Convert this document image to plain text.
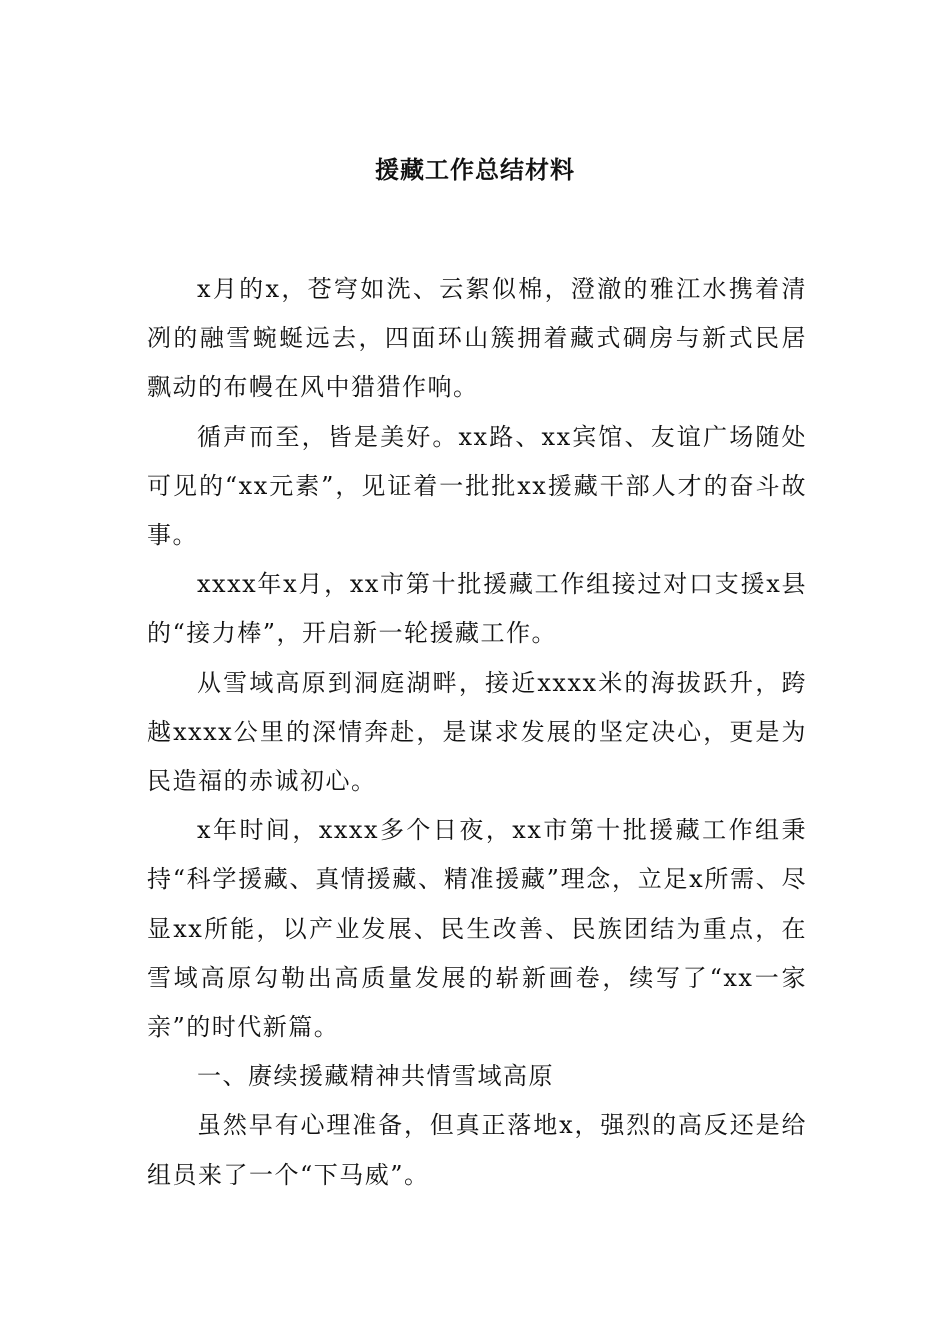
援藏工作总结材料

x月的x，苍穹如洗、云絮似棉，澄澈的雅江水携着清冽的融雪蜿蜒远去，四面环山簇拥着藏式碉房与新式民居飘动的布幔在风中猎猎作响。

循声而至，皆是美好。xx路、xx宾馆、友谊广场随处可见的“xx元素”，见证着一批批xx援藏干部人才的奋斗故事。

xxxx年x月，xx市第十批援藏工作组接过对口支援x县的“接力棒”，开启新一轮援藏工作。

从雪域高原到洞庭湖畔，接近xxxx米的海拔跃升，跨越xxxx公里的深情奔赴，是谋求发展的坚定决心，更是为民造福的赤诚初心。

x年时间，xxxx多个日夜，xx市第十批援藏工作组秉持“科学援藏、真情援藏、精准援藏”理念，立足x所需、尽显xx所能，以产业发展、民生改善、民族团结为重点，在雪域高原勾勒出高质量发展的崭新画卷，续写了“xx一家亲”的时代新篇。

一、赓续援藏精神共情雪域高原

虽然早有心理准备，但真正落地x，强烈的高反还是给组员来了一个“下马威”。
